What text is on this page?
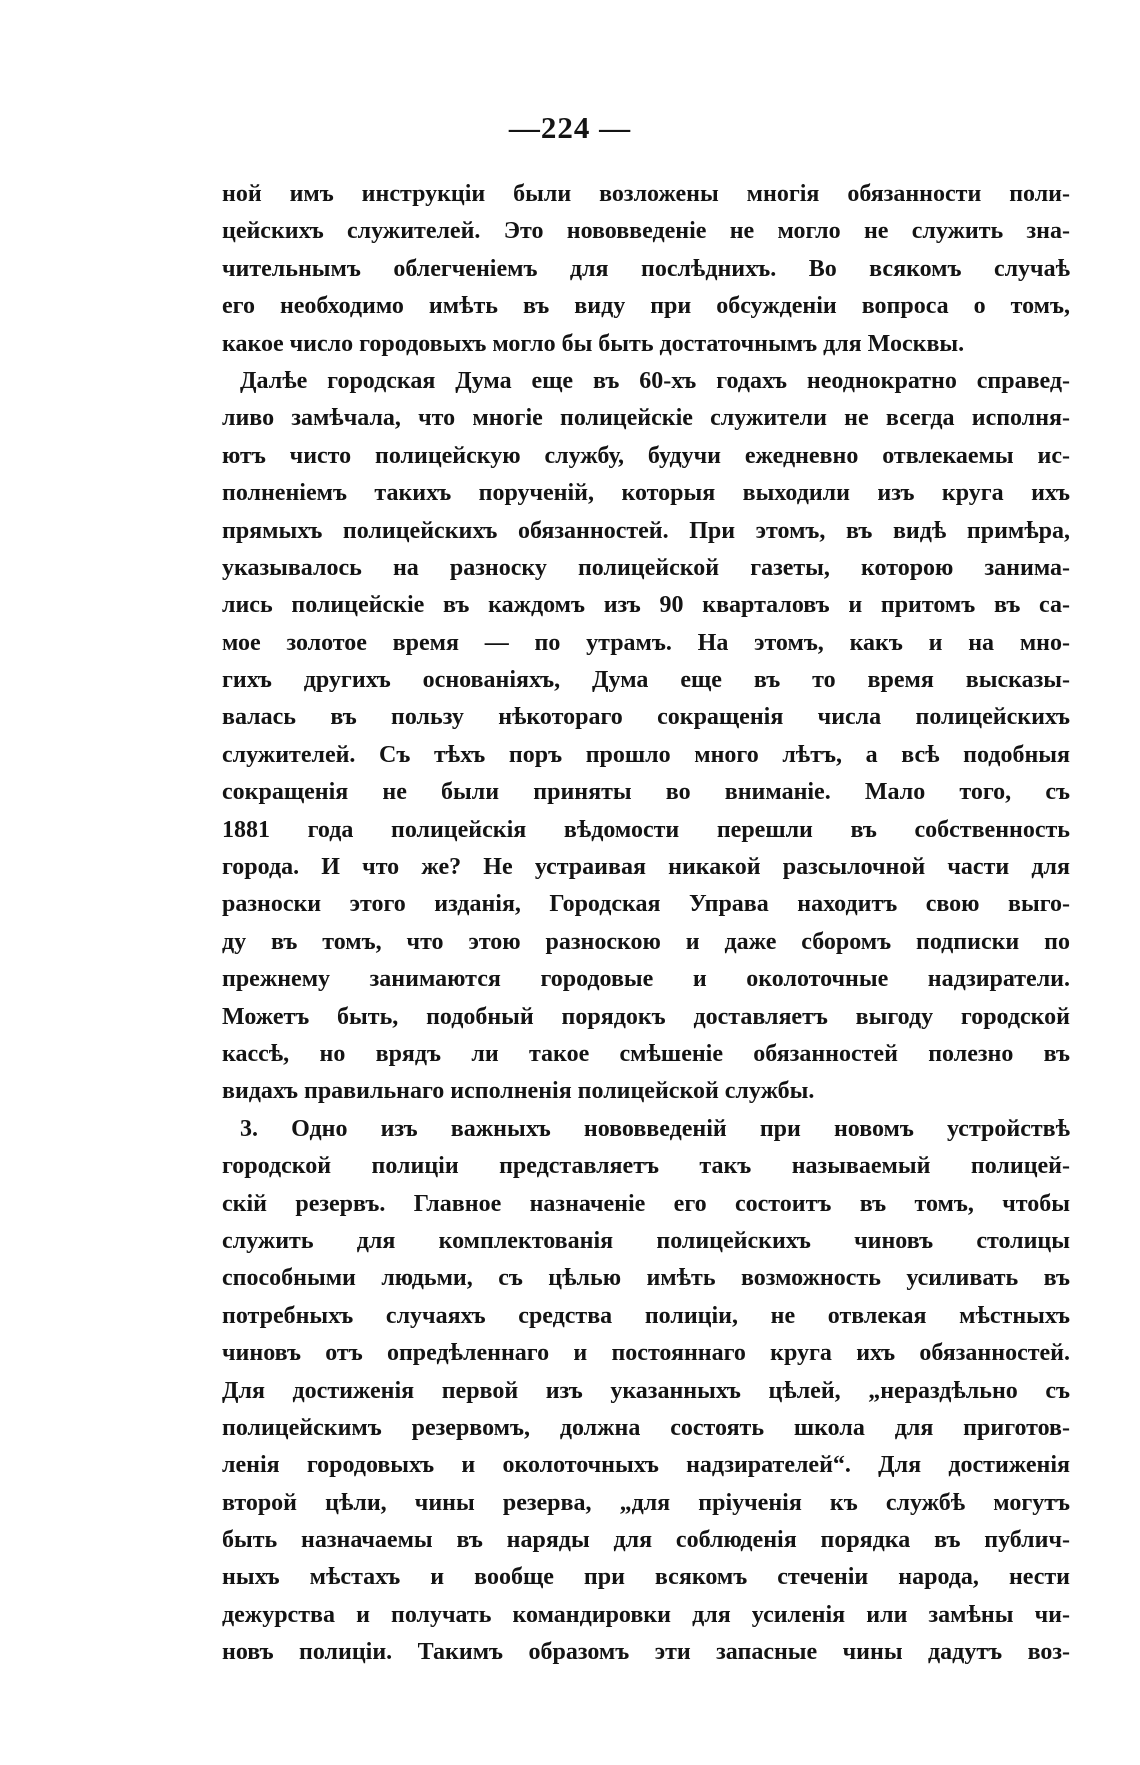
—224 —
ной имъ инструкціи были возложены многія обязанности поли-
цейскихъ служителей. Это нововведеніе не могло не служить зна-
чительнымъ облегченіемъ для послѣднихъ. Во всякомъ случаѣ
его необходимо имѣть въ виду при обсужденіи вопроса о томъ,
какое число городовыхъ могло бы быть достаточнымъ для Москвы.
Далѣе городская Дума еще въ 60-хъ годахъ неоднократно справед-
ливо замѣчала, что многіе полицейскіе служители не всегда исполня-
ютъ чисто полицейскую службу, будучи ежедневно отвлекаемы ис-
полненіемъ такихъ порученій, которыя выходили изъ круга ихъ
прямыхъ полицейскихъ обязанностей. При этомъ, въ видѣ примѣра,
указывалось на разноску полицейской газеты, которою занима-
лись полицейскіе въ каждомъ изъ 90 кварталовъ и притомъ въ са-
мое золотое время — по утрамъ. На этомъ, какъ и на мно-
гихъ другихъ основаніяхъ, Дума еще въ то время высказы-
валась въ пользу нѣкотораго сокращенія числа полицейскихъ
служителей. Съ тѣхъ поръ прошло много лѣтъ, а всѣ подобныя
сокращенія не были приняты во вниманіе. Мало того, съ
1881 года полицейскія вѣдомости перешли въ собственность
города. И что же? Не устраивая никакой разсылочной части для
разноски этого изданія, Городская Управа находитъ свою выго-
ду въ томъ, что этою разноскою и даже сборомъ подписки по
прежнему занимаются городовые и околоточные надзиратели.
Можетъ быть, подобный порядокъ доставляетъ выгоду городской
кассѣ, но врядъ ли такое смѣшеніе обязанностей полезно въ
видахъ правильнаго исполненія полицейской службы.
3. Одно изъ важныхъ нововведеній при новомъ устройствѣ
городской полиціи представляетъ такъ называемый полицей-
скій резервъ. Главное назначеніе его состоитъ въ томъ, чтобы
служить для комплектованія полицейскихъ чиновъ столицы
способными людьми, съ цѣлью имѣть возможность усиливать въ
потребныхъ случаяхъ средства полиціи, не отвлекая мѣстныхъ
чиновъ отъ опредѣленнаго и постояннаго круга ихъ обязанностей.
Для достиженія первой изъ указанныхъ цѣлей, „нераздѣльно съ
полицейскимъ резервомъ, должна состоять школа для приготов-
ленія городовыхъ и околоточныхъ надзирателей“. Для достиженія
второй цѣли, чины резерва, „для пріученія къ службѣ могутъ
быть назначаемы въ наряды для соблюденія порядка въ публич-
ныхъ мѣстахъ и вообще при всякомъ стеченіи народа, нести
дежурства и получать командировки для усиленія или замѣны чи-
новъ полиціи. Такимъ образомъ эти запасные чины дадутъ воз-
